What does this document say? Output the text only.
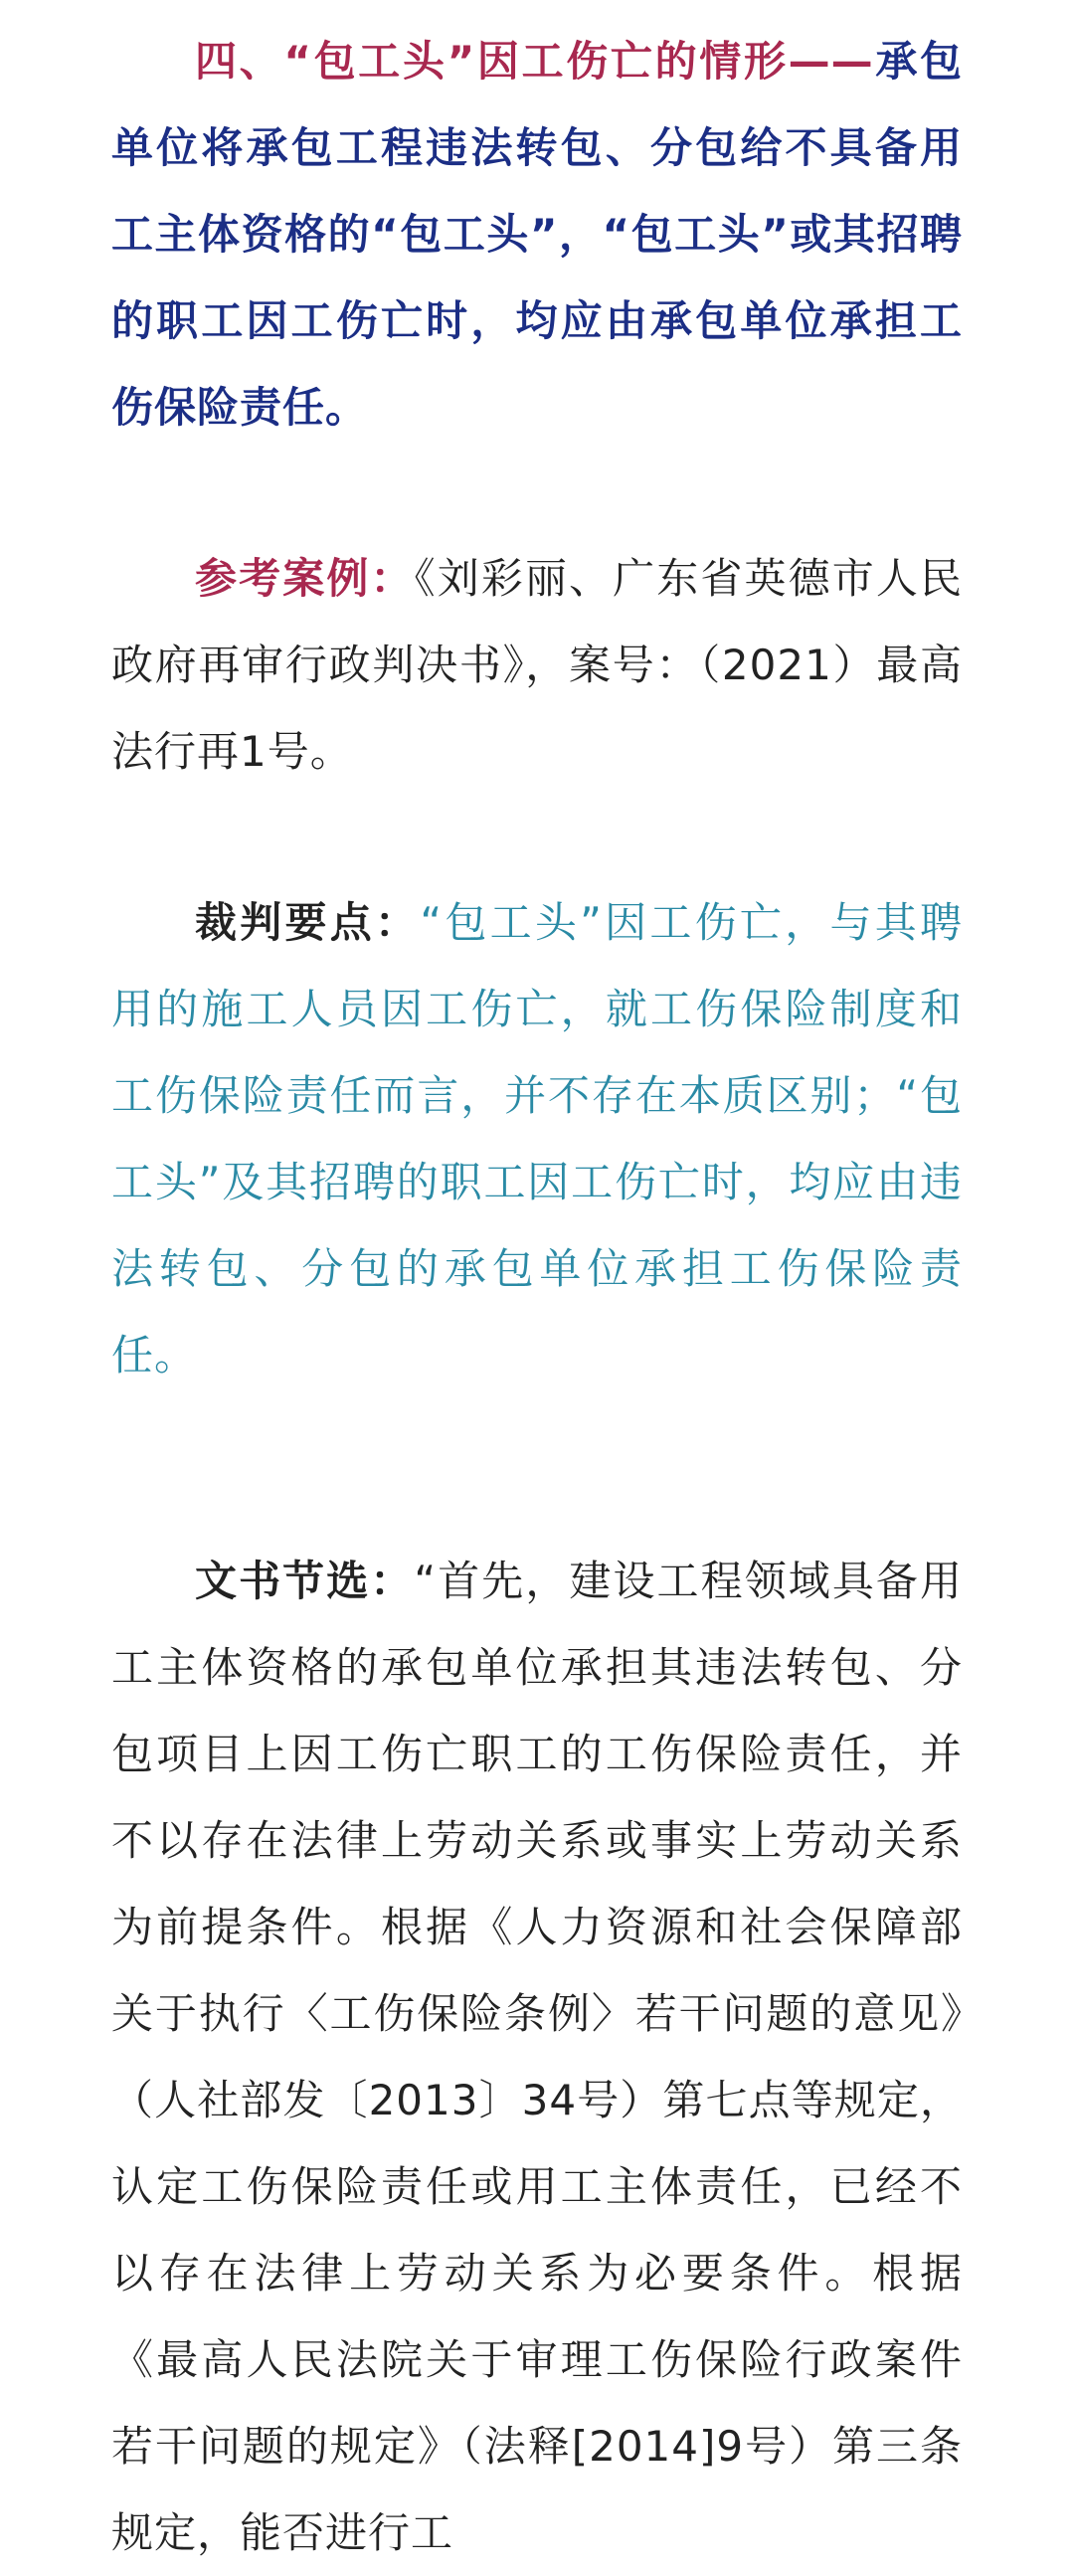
四、“包工头”因工伤亡的情形——承包单位将承包工程违法转包、分包给不具备用工主体资格的“包工头”，“包工头”或其招聘的职工因工伤亡时，均应由承包单位承担工伤保险责任。

参考案例：《刘彩丽、广东省英德市人民政府再审行政判决书》，案号：（2021）最高法行再1号。

裁判要点：“包工头”因工伤亡，与其聘用的施工人员因工伤亡，就工伤保险制度和工伤保险责任而言，并不存在本质区别；“包工头”及其招聘的职工因工伤亡时，均应由违法转包、分包的承包单位承担工伤保险责任。

文书节选：“首先，建设工程领域具备用工主体资格的承包单位承担其违法转包、分包项目上因工伤亡职工的工伤保险责任，并不以存在法律上劳动关系或事实上劳动关系为前提条件。根据《人力资源和社会保障部关于执行〈工伤保险条例〉若干问题的意见》（人社部发〔2013〕34号）第七点等规定，认定工伤保险责任或用工主体责任，已经不以存在法律上劳动关系为必要条件。根据《最高人民法院关于审理工伤保险行政案件若干问题的规定》（法释[2014]9号）第三条规定，能否进行工
